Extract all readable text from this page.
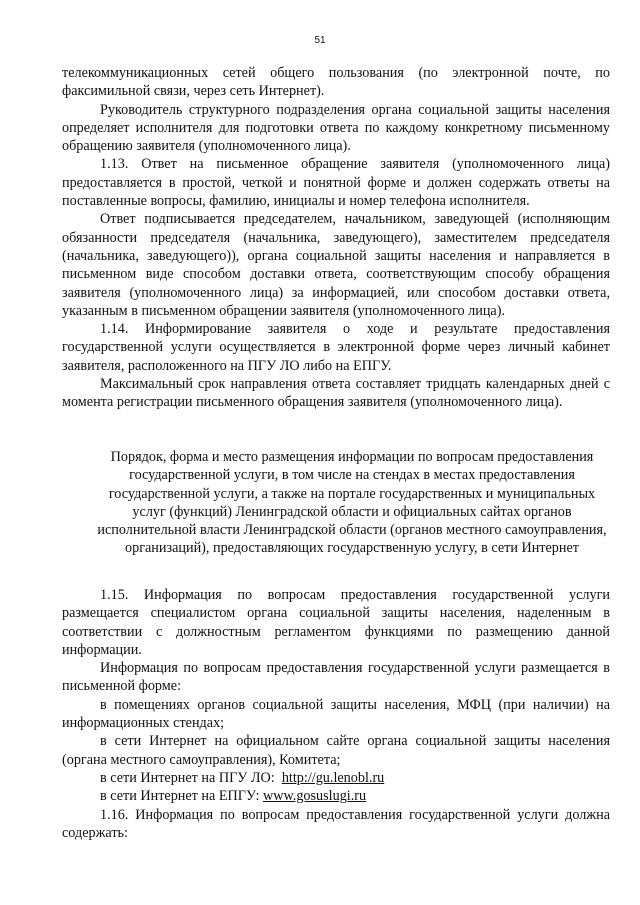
51

телекоммуникационных сетей общего пользования (по электронной почте, по факсимильной связи, через сеть Интернет).

Руководитель структурного подразделения органа социальной защиты населения определяет исполнителя для подготовки ответа по каждому конкретному письменному обращению заявителя (уполномоченного лица).

1.13. Ответ на письменное обращение заявителя (уполномоченного лица) предоставляется в простой, четкой и понятной форме и должен содержать ответы на поставленные вопросы, фамилию, инициалы и номер телефона исполнителя.

Ответ подписывается председателем, начальником, заведующей (исполняющим обязанности председателя (начальника, заведующего), заместителем председателя (начальника, заведующего)), органа социальной защиты населения и направляется в письменном виде способом доставки ответа, соответствующим способу обращения заявителя (уполномоченного лица) за информацией, или способом доставки ответа, указанным в письменном обращении заявителя (уполномоченного лица).

1.14. Информирование заявителя о ходе и результате предоставления государственной услуги осуществляется в электронной форме через личный кабинет заявителя, расположенного на ПГУ ЛО либо на ЕПГУ.

Максимальный срок направления ответа составляет тридцать календарных дней с момента регистрации письменного обращения заявителя (уполномоченного лица).

Порядок, форма и место размещения информации по вопросам предоставления государственной услуги, в том числе на стендах в местах предоставления государственной услуги, а также на портале государственных и муниципальных услуг (функций) Ленинградской области и официальных сайтах органов исполнительной власти Ленинградской области (органов местного самоуправления, организаций), предоставляющих государственную услугу, в сети Интернет

1.15. Информация по вопросам предоставления государственной услуги размещается специалистом органа социальной защиты населения, наделенным в соответствии с должностным регламентом функциями по размещению данной информации.

Информация по вопросам предоставления государственной услуги размещается в письменной форме:

в помещениях органов социальной защиты населения, МФЦ (при наличии) на информационных стендах;

в сети Интернет на официальном сайте органа социальной защиты населения (органа местного самоуправления), Комитета;

в сети Интернет на ПГУ ЛО: http://gu.lenobl.ru

в сети Интернет на ЕПГУ: www.gosuslugi.ru

1.16. Информация по вопросам предоставления государственной услуги должна содержать:
